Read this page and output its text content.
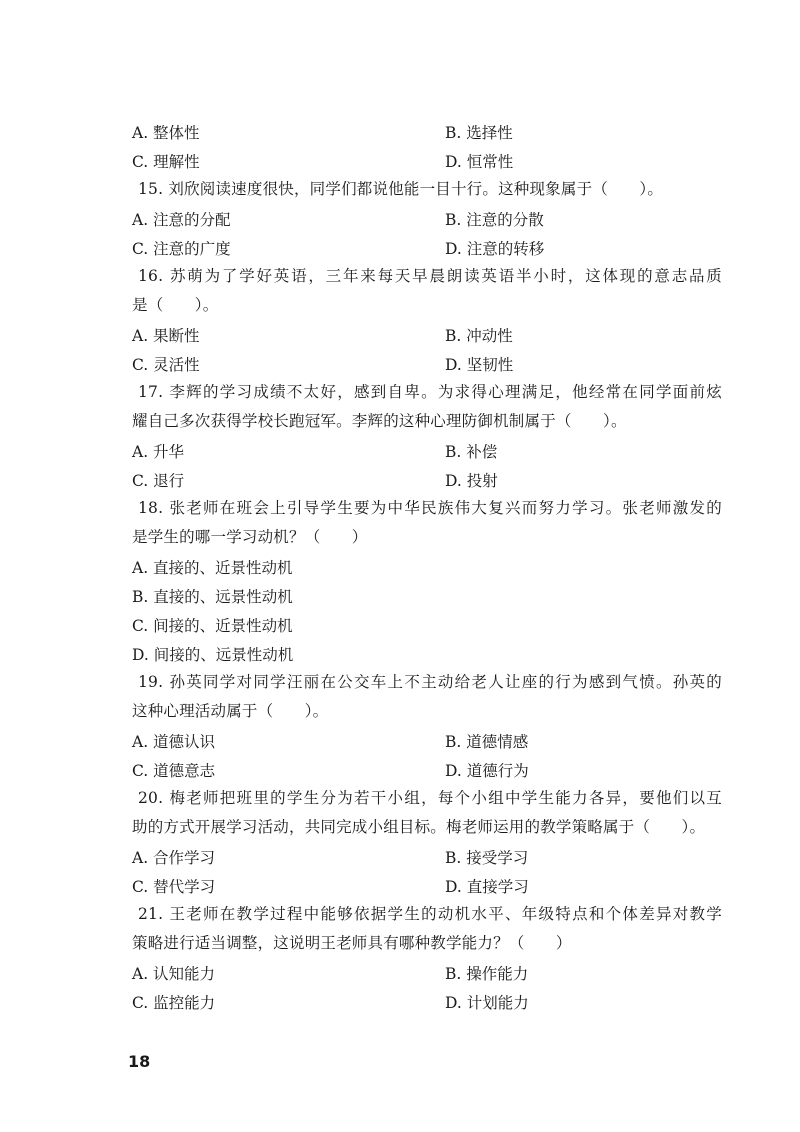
A. 整体性	B. 选择性
C. 理解性	D. 恒常性
15. 刘欣阅读速度很快，同学们都说他能一目十行。这种现象属于（　　）。
A. 注意的分配	B. 注意的分散
C. 注意的广度	D. 注意的转移
16. 苏萌为了学好英语，三年来每天早晨朗读英语半小时，这体现的意志品质
是（　　）。
A. 果断性	B. 冲动性
C. 灵活性	D. 坚韧性
17. 李辉的学习成绩不太好，感到自卑。为求得心理满足，他经常在同学面前炫
耀自己多次获得学校长跑冠军。李辉的这种心理防御机制属于（　　）。
A. 升华	B. 补偿
C. 退行	D. 投射
18. 张老师在班会上引导学生要为中华民族伟大复兴而努力学习。张老师激发的
是学生的哪一学习动机？（　　）
A. 直接的、近景性动机
B. 直接的、远景性动机
C. 间接的、近景性动机
D. 间接的、远景性动机
19. 孙英同学对同学汪丽在公交车上不主动给老人让座的行为感到气愤。孙英的
这种心理活动属于（　　）。
A. 道德认识	B. 道德情感
C. 道德意志	D. 道德行为
20. 梅老师把班里的学生分为若干小组，每个小组中学生能力各异，要他们以互
助的方式开展学习活动，共同完成小组目标。梅老师运用的教学策略属于（　　）。
A. 合作学习	B. 接受学习
C. 替代学习	D. 直接学习
21. 王老师在教学过程中能够依据学生的动机水平、年级特点和个体差异对教学
策略进行适当调整，这说明王老师具有哪种教学能力？（　　）
A. 认知能力	B. 操作能力
C. 监控能力	D. 计划能力
18
